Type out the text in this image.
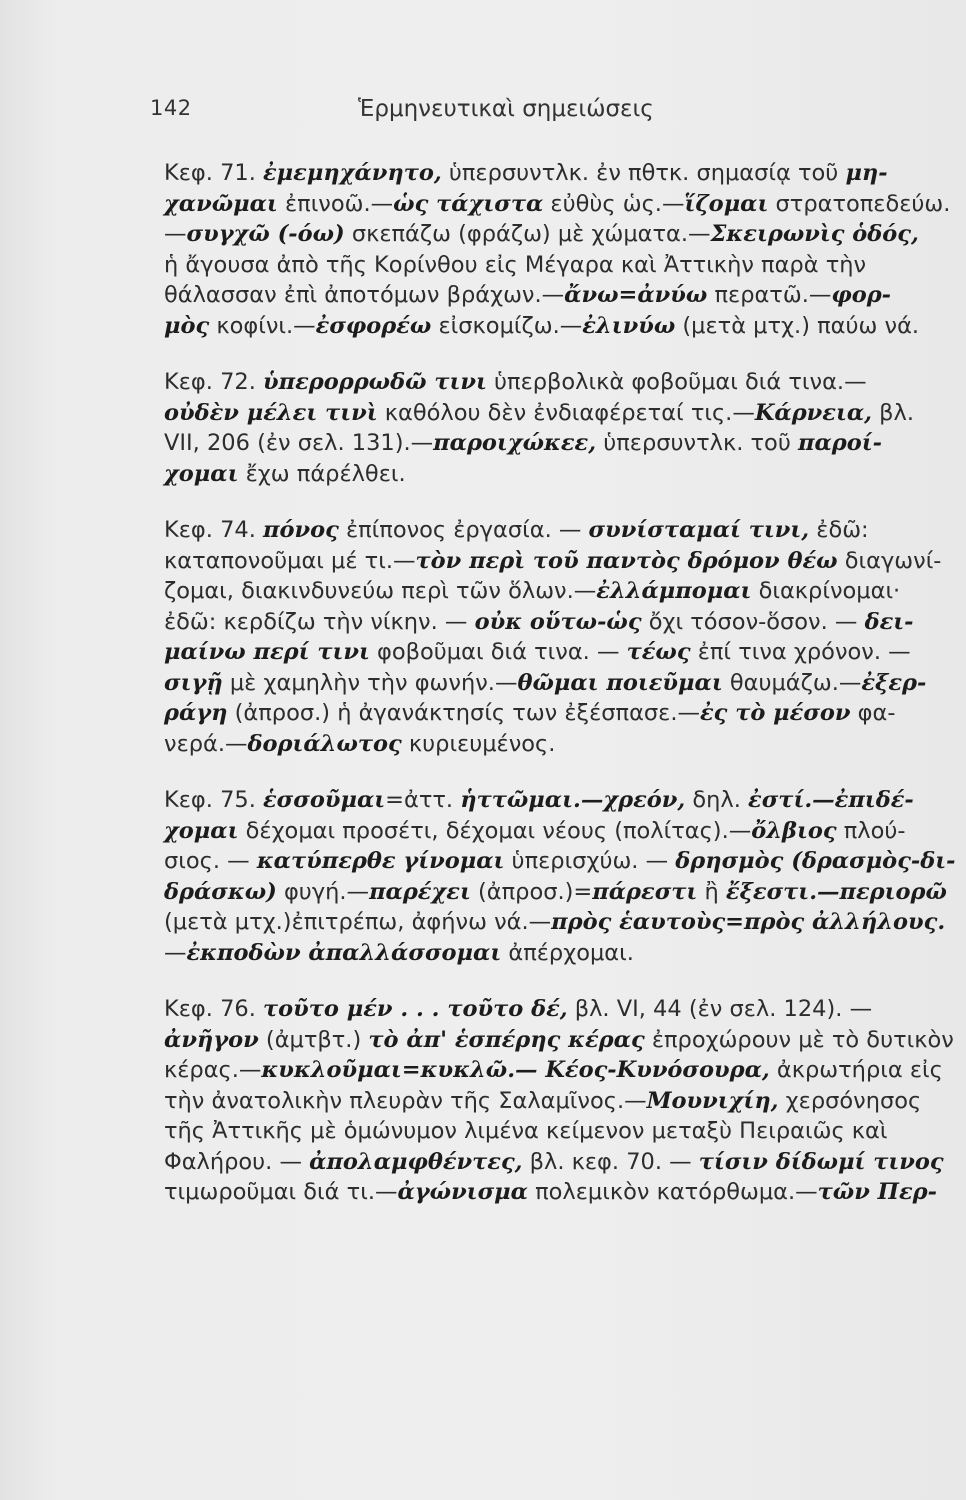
142	Ἑρμηνευτικαὶ σημειώσεις
Κεφ. 71. ἐμεμηχάνητο, ὑπερσυντλκ. ἐν πθτκ. σημασίᾳ τοῦ μη-
χανῶμαι ἐπινοῶ.—ὡς τάχιστα εὐθὺς ὡς.—ἵζομαι στρατοπεδεύω.
—συγχῶ (-όω) σκεπάζω (φράζω) μὲ χώματα.—Σκειρωνὶς ὁδός,
ἡ ἄγουσα ἀπὸ τῆς Κορίνθου εἰς Μέγαρα καὶ Ἀττικὴν παρὰ τὴν
θάλασσαν ἐπὶ ἀποτόμων βράχων.—ἄνω=ἀνύω περατῶ.—φορ-
μὸς κοφίνι.—ἐσφορέω εἰσκομίζω.—ἐλινύω (μετὰ μτχ.) παύω νά.
Κεφ. 72. ὑπερορρωδῶ τινι ὑπερβολικὰ φοβοῦμαι διά τινα.—
οὐδὲν μέλει τινὶ καθόλου δὲν ἐνδιαφέρεταί τις.—Κάρνεια, βλ.
VII, 206 (ἐν σελ. 131).—παροιχώκεε, ὑπερσυντλκ. τοῦ παροί-
χομαι ἔχω πάρέλθει.
Κεφ. 74. πόνος ἐπίπονος ἐργασία. — συνίσταμαί τινι, ἐδῶ:
καταπονοῦμαι μέ τι.—τὸν περὶ τοῦ παντὸς δρόμον θέω διαγωνί-
ζομαι, διακινδυνεύω περὶ τῶν ὅλων.—ἐλλάμπομαι διακρίνομαι·
ἐδῶ: κερδίζω τὴν νίκην. — οὐκ οὕτω-ὡς ὄχι τόσον-ὅσον. — δει-
μαίνω περί τινι φοβοῦμαι διά τινα. — τέως ἐπί τινα χρόνον. —
σιγῇ μὲ χαμηλὴν τὴν φωνήν.—θῶμαι ποιεῦμαι θαυμάζω.—ἐξερ-
ράγη (ἀπροσ.) ἡ ἀγανάκτησίς των ἐξέσπασε.—ἐς τὸ μέσον φα-
νερά.—δοριάλωτος κυριευμένος.
Κεφ. 75. ἑσσοῦμαι=ἀττ. ἡττῶμαι.—χρεόν, δηλ. ἐστί.—ἐπιδέ-
χομαι δέχομαι προσέτι, δέχομαι νέους (πολίτας).—ὄλβιος πλού-
σιος. — κατύπερθε γίνομαι ὑπερισχύω. — δρησμὸς (δρασμὸς-δι-
δράσκω) φυγή.—παρέχει (ἀπροσ.)=πάρεστι ἢ ἔξεστι.—περιορῶ
(μετὰ μτχ.)ἐπιτρέπω, ἀφήνω νά.—πρὸς ἑαυτοὺς=πρὸς ἀλλήλους.
—ἐκποδὼν ἀπαλλάσσομαι ἀπέρχομαι.
Κεφ. 76. τοῦτο μέν . . . τοῦτο δέ, βλ. VI, 44 (ἐν σελ. 124). —
ἀνῆγον (ἀμτβτ.) τὸ ἀπ' ἑσπέρης κέρας ἐπροχώρουν μὲ τὸ δυτικὸν
κέρας.—κυκλοῦμαι=κυκλῶ.— Κέος-Κυνόσουρα, ἀκρωτήρια εἰς
τὴν ἀνατολικὴν πλευρὰν τῆς Σαλαμῖνος.—Μουνιχίη, χερσόνησος
τῆς Ἀττικῆς μὲ ὁμώνυμον λιμένα κείμενον μεταξὺ Πειραιῶς καὶ
Φαλήρου. — ἀπολαμφθέντες, βλ. κεφ. 70. — τίσιν δίδωμί τινος
τιμωροῦμαι διά τι.—ἀγώνισμα πολεμικὸν κατόρθωμα.—τῶν Περ-
